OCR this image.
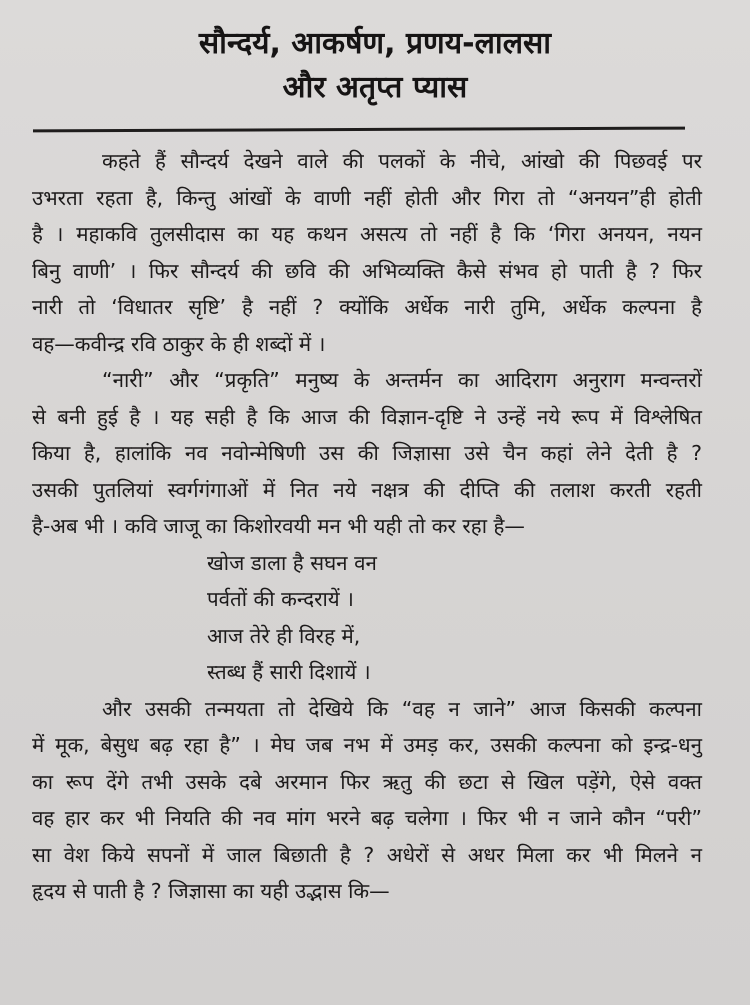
सौन्दर्य, आकर्षण, प्रणय-लालसा
और अतृप्त प्यास
कहते हैं सौन्दर्य देखने वाले की पलकों के नीचे, आंखो की पिछवई पर
उभरता रहता है, किन्तु आंखों के वाणी नहीं होती और गिरा तो “अनयन”ही होती
है । महाकवि तुलसीदास का यह कथन असत्य तो नहीं है कि ‘गिरा अनयन, नयन
बिनु वाणी’ । फिर सौन्दर्य की छवि की अभिव्यक्ति कैसे संभव हो पाती है ? फिर
नारी तो ‘विधातर सृष्टि’ है नहीं ? क्योंकि अर्धेक नारी तुमि, अर्धेक कल्पना है
वह—कवीन्द्र रवि ठाकुर के ही शब्दों में ।
“नारी” और “प्रकृति” मनुष्य के अन्तर्मन का आदिराग अनुराग मन्वन्तरों
से बनी हुई है । यह सही है कि आज की विज्ञान-दृष्टि ने उन्हें नये रूप में विश्लेषित
किया है, हालांकि नव नवोन्मेषिणी उस की जिज्ञासा उसे चैन कहां लेने देती है ?
उसकी पुतलियां स्वर्गगंगाओं में नित नये नक्षत्र की दीप्ति की तलाश करती रहती
है-अब भी । कवि जाजू का किशोरवयी मन भी यही तो कर रहा है—
खोज डाला है सघन वन
पर्वतों की कन्दरायें ।
आज तेरे ही विरह में,
स्तब्ध हैं सारी दिशायें ।
और उसकी तन्मयता तो देखिये कि “वह न जाने” आज किसकी कल्पना
में मूक, बेसुध बढ़ रहा है” । मेघ जब नभ में उमड़ कर, उसकी कल्पना को इन्द्र-धनु
का रूप देंगे तभी उसके दबे अरमान फिर ऋतु की छटा से खिल पड़ेंगे, ऐसे वक्त
वह हार कर भी नियति की नव मांग भरने बढ़ चलेगा । फिर भी न जाने कौन “परी”
सा वेश किये सपनों में जाल बिछाती है ? अधेरों से अधर मिला कर भी मिलने न
हृदय से पाती है ? जिज्ञासा का यही उद्भास कि—
